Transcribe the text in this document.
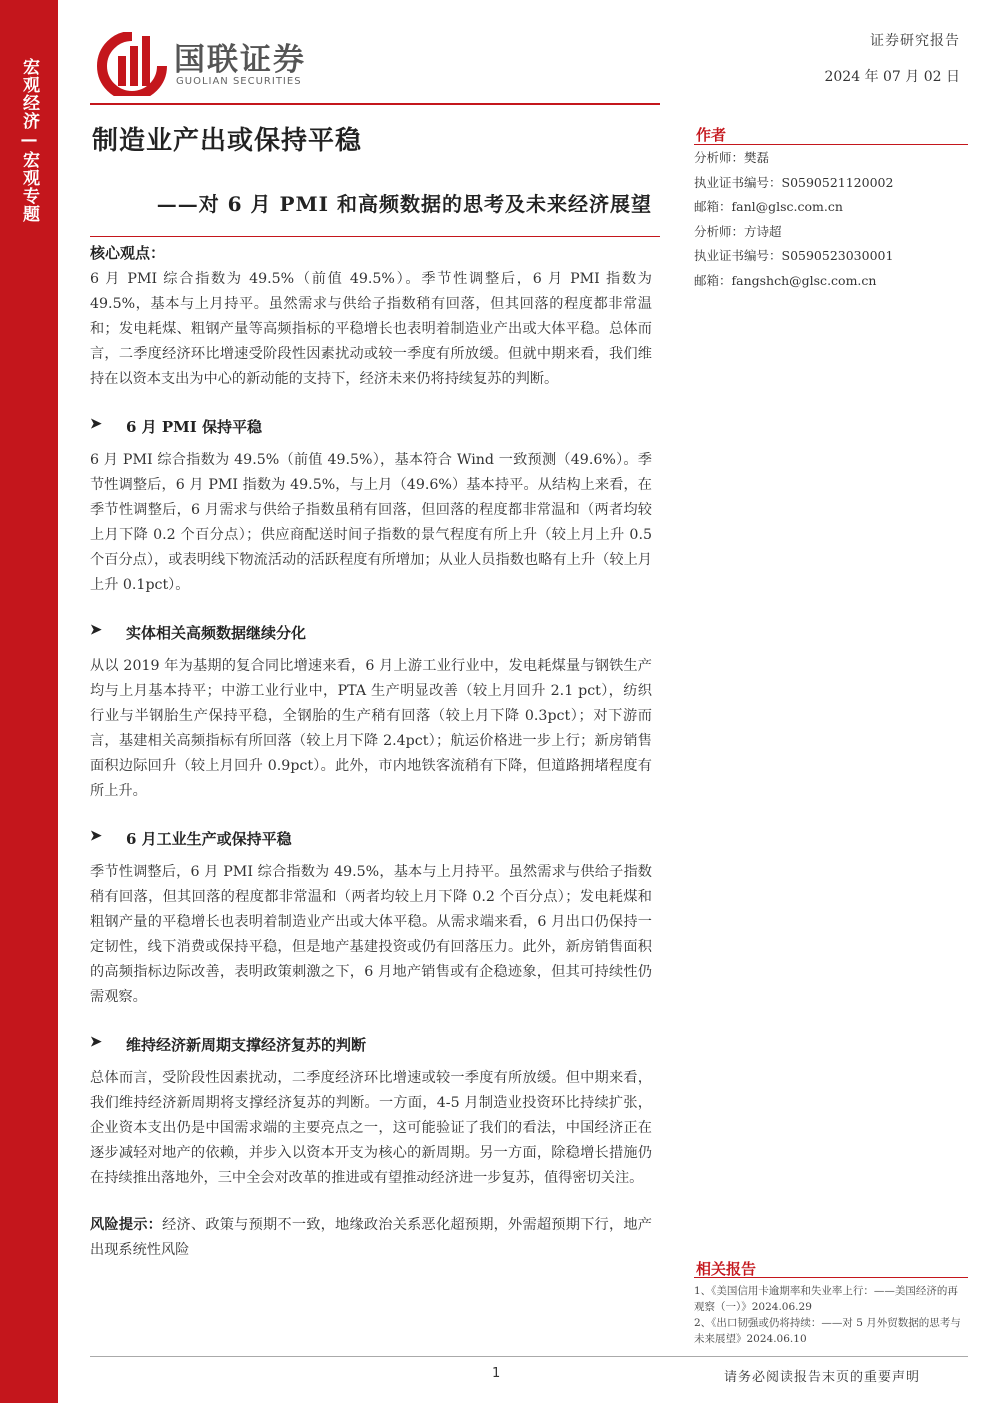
宏观经济—宏观专题	国联证券
GUOLIAN SECURITIES
证券研究报告
2024 年 07 月 02 日
制造业产出或保持平稳
——对 6 月 PMI 和高频数据的思考及未来经济展望
核心观点：

6 月 PMI 综合指数为 49.5%（前值 49.5%）。季节性调整后，6 月 PMI 指数为 49.5%，基本与上月持平。虽然需求与供给子指数稍有回落，但其回落的程度都非常温和；发电耗煤、粗钢产量等高频指标的平稳增长也表明着制造业产出或大体平稳。总体而言，二季度经济环比增速受阶段性因素扰动或较一季度有所放缓。但就中期来看，我们维持在以资本支出为中心的新动能的支持下，经济未来仍将持续复苏的判断。

➤ 6 月 PMI 保持平稳

6 月 PMI 综合指数为 49.5%（前值 49.5%），基本符合 Wind 一致预测（49.6%）。季节性调整后，6 月 PMI 指数为 49.5%，与上月（49.6%）基本持平。从结构上来看，在季节性调整后，6 月需求与供给子指数虽稍有回落，但回落的程度都非常温和（两者均较上月下降 0.2 个百分点）；供应商配送时间子指数的景气程度有所上升（较上月上升 0.5 个百分点），或表明线下物流活动的活跃程度有所增加；从业人员指数也略有上升（较上月上升 0.1pct）。

➤ 实体相关高频数据继续分化

从以 2019 年为基期的复合同比增速来看，6 月上游工业行业中，发电耗煤量与钢铁生产均与上月基本持平；中游工业行业中，PTA 生产明显改善（较上月回升 2.1 pct），纺织行业与半钢胎生产保持平稳，全钢胎的生产稍有回落（较上月下降 0.3pct）；对下游而言，基建相关高频指标有所回落（较上月下降 2.4pct）；航运价格进一步上行；新房销售面积边际回升（较上月回升 0.9pct）。此外，市内地铁客流稍有下降，但道路拥堵程度有所上升。

➤ 6 月工业生产或保持平稳

季节性调整后，6 月 PMI 综合指数为 49.5%，基本与上月持平。虽然需求与供给子指数稍有回落，但其回落的程度都非常温和（两者均较上月下降 0.2 个百分点）；发电耗煤和粗钢产量的平稳增长也表明着制造业产出或大体平稳。从需求端来看，6 月出口仍保持一定韧性，线下消费或保持平稳，但是地产基建投资或仍有回落压力。此外，新房销售面积的高频指标边际改善，表明政策刺激之下，6 月地产销售或有企稳迹象，但其可持续性仍需观察。

➤ 维持经济新周期支撑经济复苏的判断

总体而言，受阶段性因素扰动，二季度经济环比增速或较一季度有所放缓。但中期来看，我们维持经济新周期将支撑经济复苏的判断。一方面，4-5 月制造业投资环比持续扩张，企业资本支出仍是中国需求端的主要亮点之一，这可能验证了我们的看法，中国经济正在逐步减轻对地产的依赖，并步入以资本开支为核心的新周期。另一方面，除稳增长措施仍在持续推出落地外，三中全会对改革的推进或有望推动经济进一步复苏，值得密切关注。

风险提示：经济、政策与预期不一致，地缘政治关系恶化超预期，外需超预期下行，地产出现系统性风险

作者
分析师：樊磊
执业证书编号：S0590521120002
邮箱：fanl@glsc.com.cn
分析师：方诗超
执业证书编号：S0590523030001
邮箱：fangshch@glsc.com.cn
相关报告
1、《美国信用卡逾期率和失业率上行：——美国经济的再观察（一）》2024.06.29
2、《出口韧强或仍将持续：——对 5 月外贸数据的思考与未来展望》2024.06.10
1	请务必阅读报告末页的重要声明
